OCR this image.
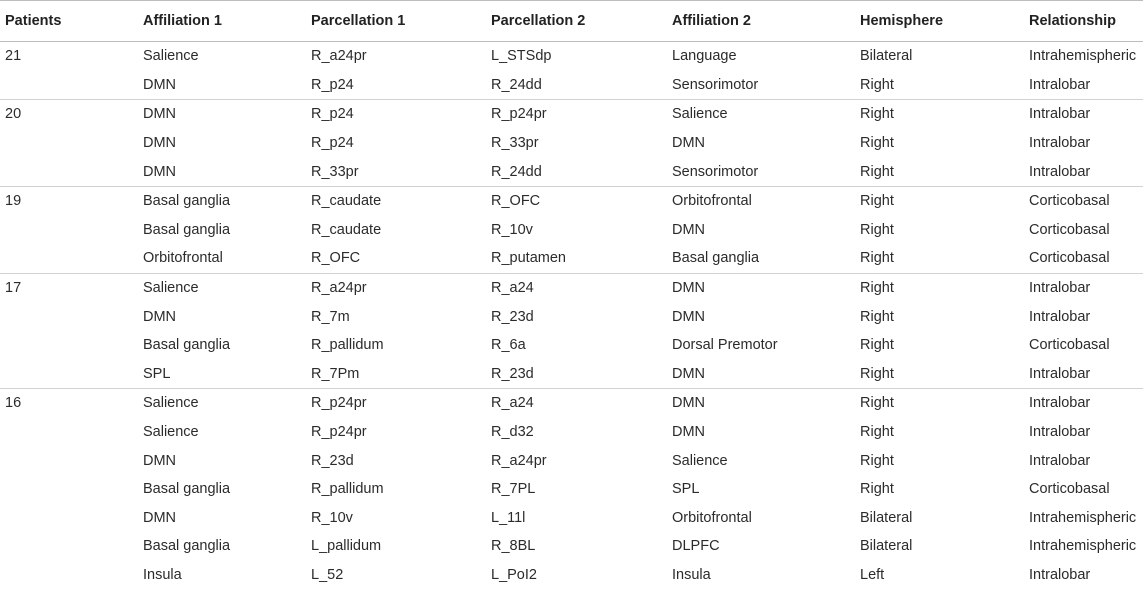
Patients	Affiliation 1	Parcellation 1	Parcellation 2	Affiliation 2	Hemisphere	Relationship
21	Salience	R_a24pr	L_STSdp	Language	Bilateral	Intrahemispheric
	DMN	R_p24	R_24dd	Sensorimotor	Right	Intralobar
20	DMN	R_p24	R_p24pr	Salience	Right	Intralobar
	DMN	R_p24	R_33pr	DMN	Right	Intralobar
	DMN	R_33pr	R_24dd	Sensorimotor	Right	Intralobar
19	Basal ganglia	R_caudate	R_OFC	Orbitofrontal	Right	Corticobasal
	Basal ganglia	R_caudate	R_10v	DMN	Right	Corticobasal
	Orbitofrontal	R_OFC	R_putamen	Basal ganglia	Right	Corticobasal
17	Salience	R_a24pr	R_a24	DMN	Right	Intralobar
	DMN	R_7m	R_23d	DMN	Right	Intralobar
	Basal ganglia	R_pallidum	R_6a	Dorsal Premotor	Right	Corticobasal
	SPL	R_7Pm	R_23d	DMN	Right	Intralobar
16	Salience	R_p24pr	R_a24	DMN	Right	Intralobar
	Salience	R_p24pr	R_d32	DMN	Right	Intralobar
	DMN	R_23d	R_a24pr	Salience	Right	Intralobar
	Basal ganglia	R_pallidum	R_7PL	SPL	Right	Corticobasal
	DMN	R_10v	L_11l	Orbitofrontal	Bilateral	Intrahemispheric
	Basal ganglia	L_pallidum	R_8BL	DLPFC	Bilateral	Intrahemispheric
	Insula	L_52	L_PoI2	Insula	Left	Intralobar
